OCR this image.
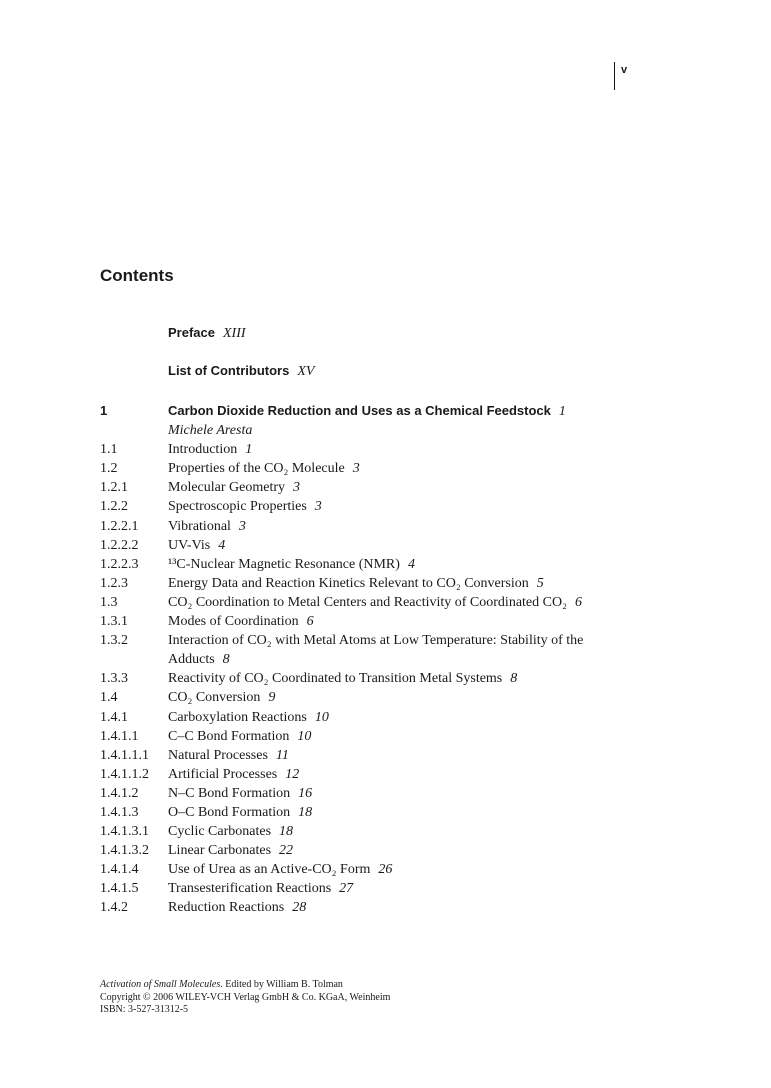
v
Contents
Preface XIII
List of Contributors XV
1	Carbon Dioxide Reduction and Uses as a Chemical Feedstock 1
Michele Aresta
1.1	Introduction 1
1.2	Properties of the CO₂ Molecule 3
1.2.1	Molecular Geometry 3
1.2.2	Spectroscopic Properties 3
1.2.2.1	Vibrational 3
1.2.2.2	UV-Vis 4
1.2.2.3	¹³C-Nuclear Magnetic Resonance (NMR) 4
1.2.3	Energy Data and Reaction Kinetics Relevant to CO₂ Conversion 5
1.3	CO₂ Coordination to Metal Centers and Reactivity of Coordinated CO₂ 6
1.3.1	Modes of Coordination 6
1.3.2	Interaction of CO₂ with Metal Atoms at Low Temperature: Stability of the Adducts 8
1.3.3	Reactivity of CO₂ Coordinated to Transition Metal Systems 8
1.4	CO₂ Conversion 9
1.4.1	Carboxylation Reactions 10
1.4.1.1	C–C Bond Formation 10
1.4.1.1.1	Natural Processes 11
1.4.1.1.2	Artificial Processes 12
1.4.1.2	N–C Bond Formation 16
1.4.1.3	O–C Bond Formation 18
1.4.1.3.1	Cyclic Carbonates 18
1.4.1.3.2	Linear Carbonates 22
1.4.1.4	Use of Urea as an Active-CO₂ Form 26
1.4.1.5	Transesterification Reactions 27
1.4.2	Reduction Reactions 28
Activation of Small Molecules. Edited by William B. Tolman
Copyright © 2006 WILEY-VCH Verlag GmbH & Co. KGaA, Weinheim
ISBN: 3-527-31312-5
